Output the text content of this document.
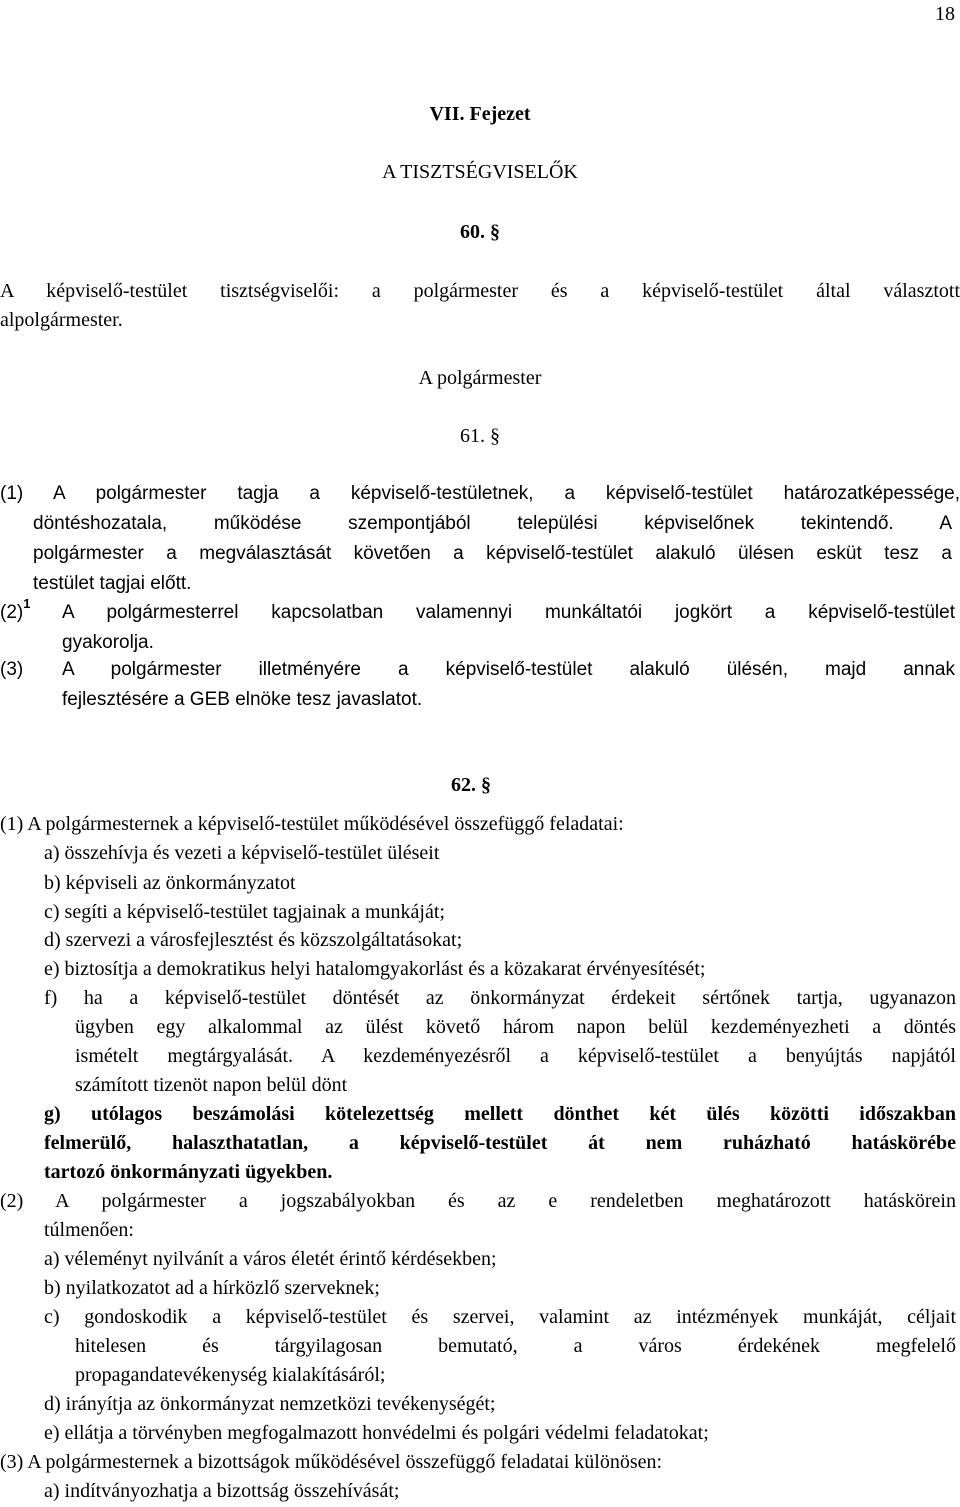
18
VII. Fejezet
A TISZTSÉGVISELŐK
60. §
A képviselő-testület tisztségviselői: a polgármester és a képviselő-testület által választott
alpolgármester.
A polgármester
61. §
(1) A polgármester tagja a képviselő-testületnek, a képviselő-testület határozatképessége,
döntéshozatala, működése szempontjából települési képviselőnek tekintendő. A
polgármester a megválasztását követően a képviselő-testület alakuló ülésen esküt tesz a
testület tagjai előtt.
$(2)^1$ A polgármesterrel kapcsolatban valamennyi munkáltatói jogkört a képviselő-testület
gyakorolja.
(3) A polgármester illetményére a képviselő-testület alakuló ülésén, majd annak
fejlesztésére a GEB elnöke tesz javaslatot.
62. §
(1) A polgármesternek a képviselő-testület működésével összefüggő feladatai:
a) összehívja és vezeti a képviselő-testület üléseit
b) képviseli az önkormányzatot
c) segíti a képviselő-testület tagjainak a munkáját;
d) szervezi a városfejlesztést és közszolgáltatásokat;
e) biztosítja a demokratikus helyi hatalomgyakorlást és a közakarat érvényesítését;
f) ha a képviselő-testület döntését az önkormányzat érdekeit sértőnek tartja, ugyanazon
ügyben egy alkalommal az ülést követő három napon belül kezdeményezheti a döntés
ismételt megtárgyalását. A kezdeményezésről a képviselő-testület a benyújtás napjától
számított tizenöt napon belül dönt
g) utólagos beszámolási kötelezettség mellett dönthet két ülés közötti időszakban
felmerülő, halaszthatatlan, a képviselő-testület át nem ruházható hatáskörébe
tartozó önkormányzati ügyekben.
(2) A polgármester a jogszabályokban és az e rendeletben meghatározott hatáskörein
túlmenően:
a) véleményt nyilvánít a város életét érintő kérdésekben;
b) nyilatkozatot ad a hírközlő szerveknek;
c) gondoskodik a képviselő-testület és szervei, valamint az intézmények munkáját, céljait
hitelesen és tárgyilagosan bemutató, a város érdekének megfelelő
propagandatevékenység kialakításáról;
d) irányítja az önkormányzat nemzetközi tevékenységét;
e) ellátja a törvényben megfogalmazott honvédelmi és polgári védelmi feladatokat;
(3) A polgármesternek a bizottságok működésével összefüggő feladatai különösen:
a) indítványozhatja a bizottság összehívását;
